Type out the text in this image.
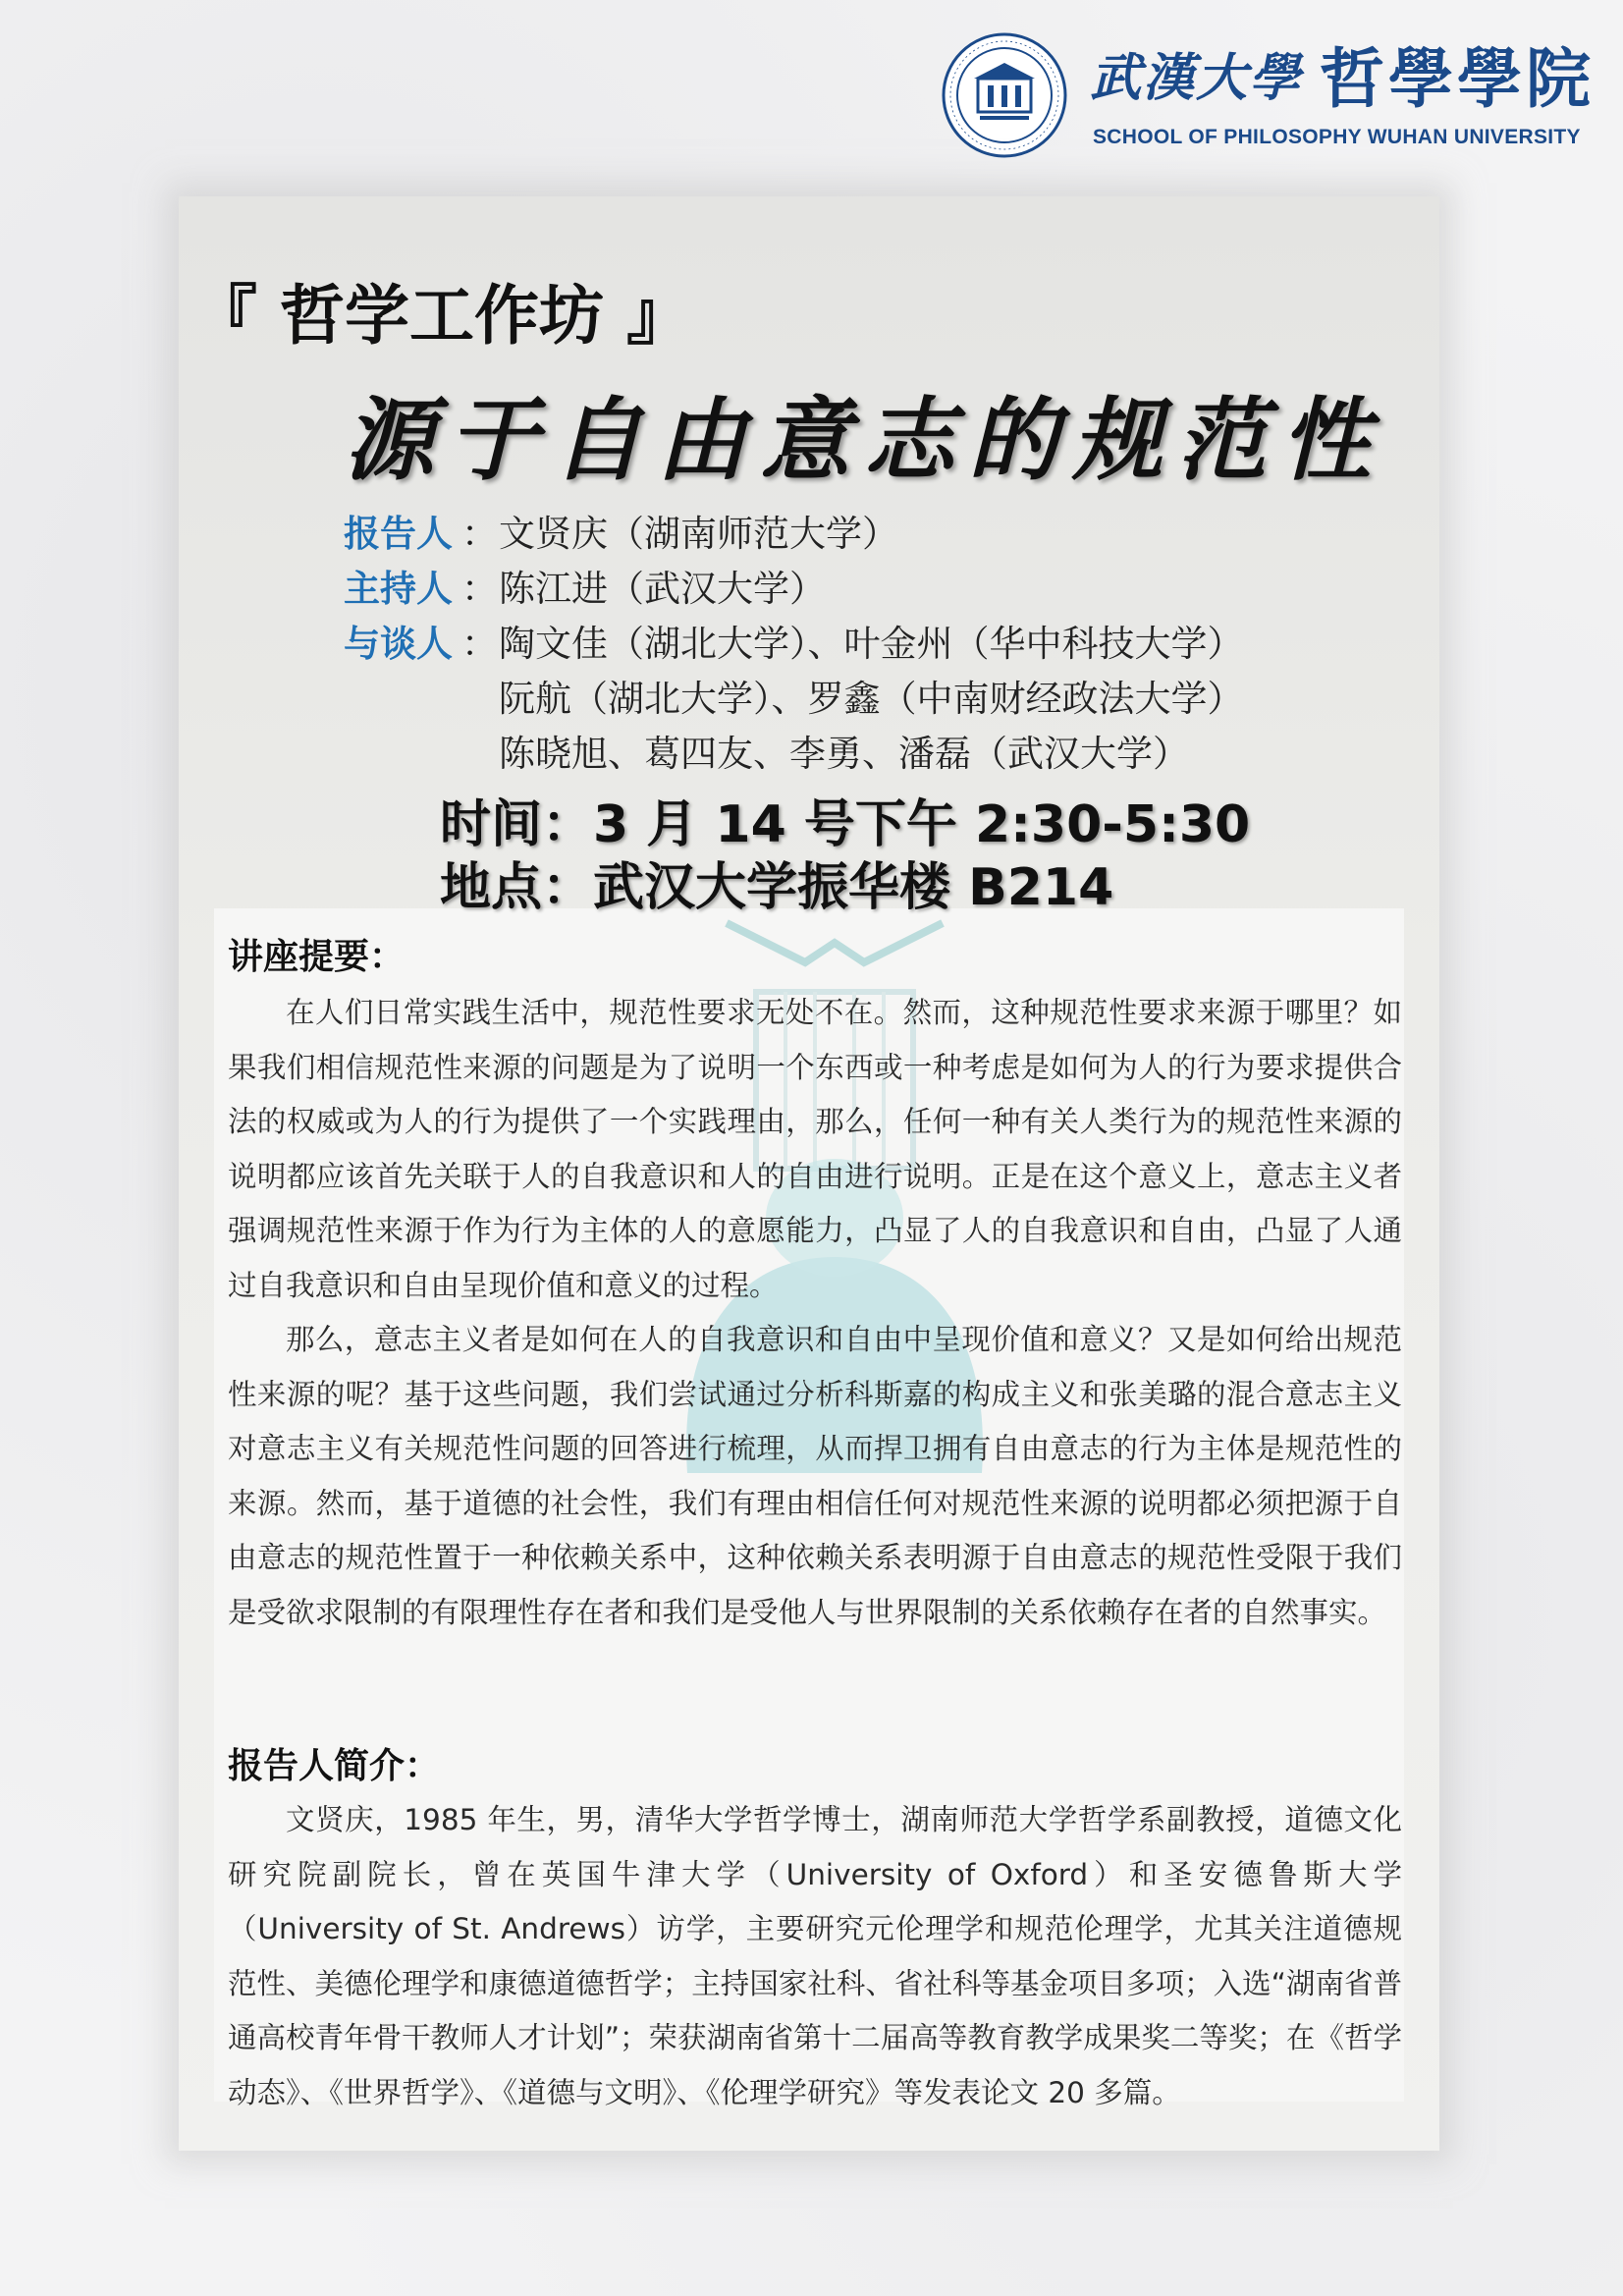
武漢大學 哲學學院
SCHOOL OF PHILOSOPHY WUHAN UNIVERSITY
『 哲学工作坊 』
源于自由意志的规范性
报告人 ： 文贤庆（湖南师范大学）
主持人 ： 陈江进（武汉大学）
与谈人 ： 陶文佳（湖北大学）、叶金州（华中科技大学）
阮航（湖北大学）、罗鑫（中南财经政法大学）
陈晓旭、葛四友、李勇、潘磊（武汉大学）
时间：3 月 14 号下午 2:30-5:30
地点：武汉大学振华楼 B214
讲座提要：

在人们日常实践生活中，规范性要求无处不在。然而，这种规范性要求来源于哪里？如果我们相信规范性来源的问题是为了说明一个东西或一种考虑是如何为人的行为要求提供合法的权威或为人的行为提供了一个实践理由，那么，任何一种有关人类行为的规范性来源的说明都应该首先关联于人的自我意识和人的自由进行说明。正是在这个意义上，意志主义者强调规范性来源于作为行为主体的人的意愿能力，凸显了人的自我意识和自由，凸显了人通过自我意识和自由呈现价值和意义的过程。

那么，意志主义者是如何在人的自我意识和自由中呈现价值和意义？又是如何给出规范性来源的呢？基于这些问题，我们尝试通过分析科斯嘉的构成主义和张美璐的混合意志主义对意志主义有关规范性问题的回答进行梳理，从而捍卫拥有自由意志的行为主体是规范性的来源。然而，基于道德的社会性，我们有理由相信任何对规范性来源的说明都必须把源于自由意志的规范性置于一种依赖关系中，这种依赖关系表明源于自由意志的规范性受限于我们是受欲求限制的有限理性存在者和我们是受他人与世界限制的关系依赖存在者的自然事实。

报告人简介：

文贤庆，1985 年生，男，清华大学哲学博士，湖南师范大学哲学系副教授，道德文化研究院副院长，曾在英国牛津大学（University of Oxford）和圣安德鲁斯大学（University of St. Andrews）访学，主要研究元伦理学和规范伦理学，尤其关注道德规范性、美德伦理学和康德道德哲学；主持国家社科、省社科等基金项目多项；入选“湖南省普通高校青年骨干教师人才计划”；荣获湖南省第十二届高等教育教学成果奖二等奖；在《哲学动态》、《世界哲学》、《道德与文明》、《伦理学研究》等发表论文 20 多篇。
